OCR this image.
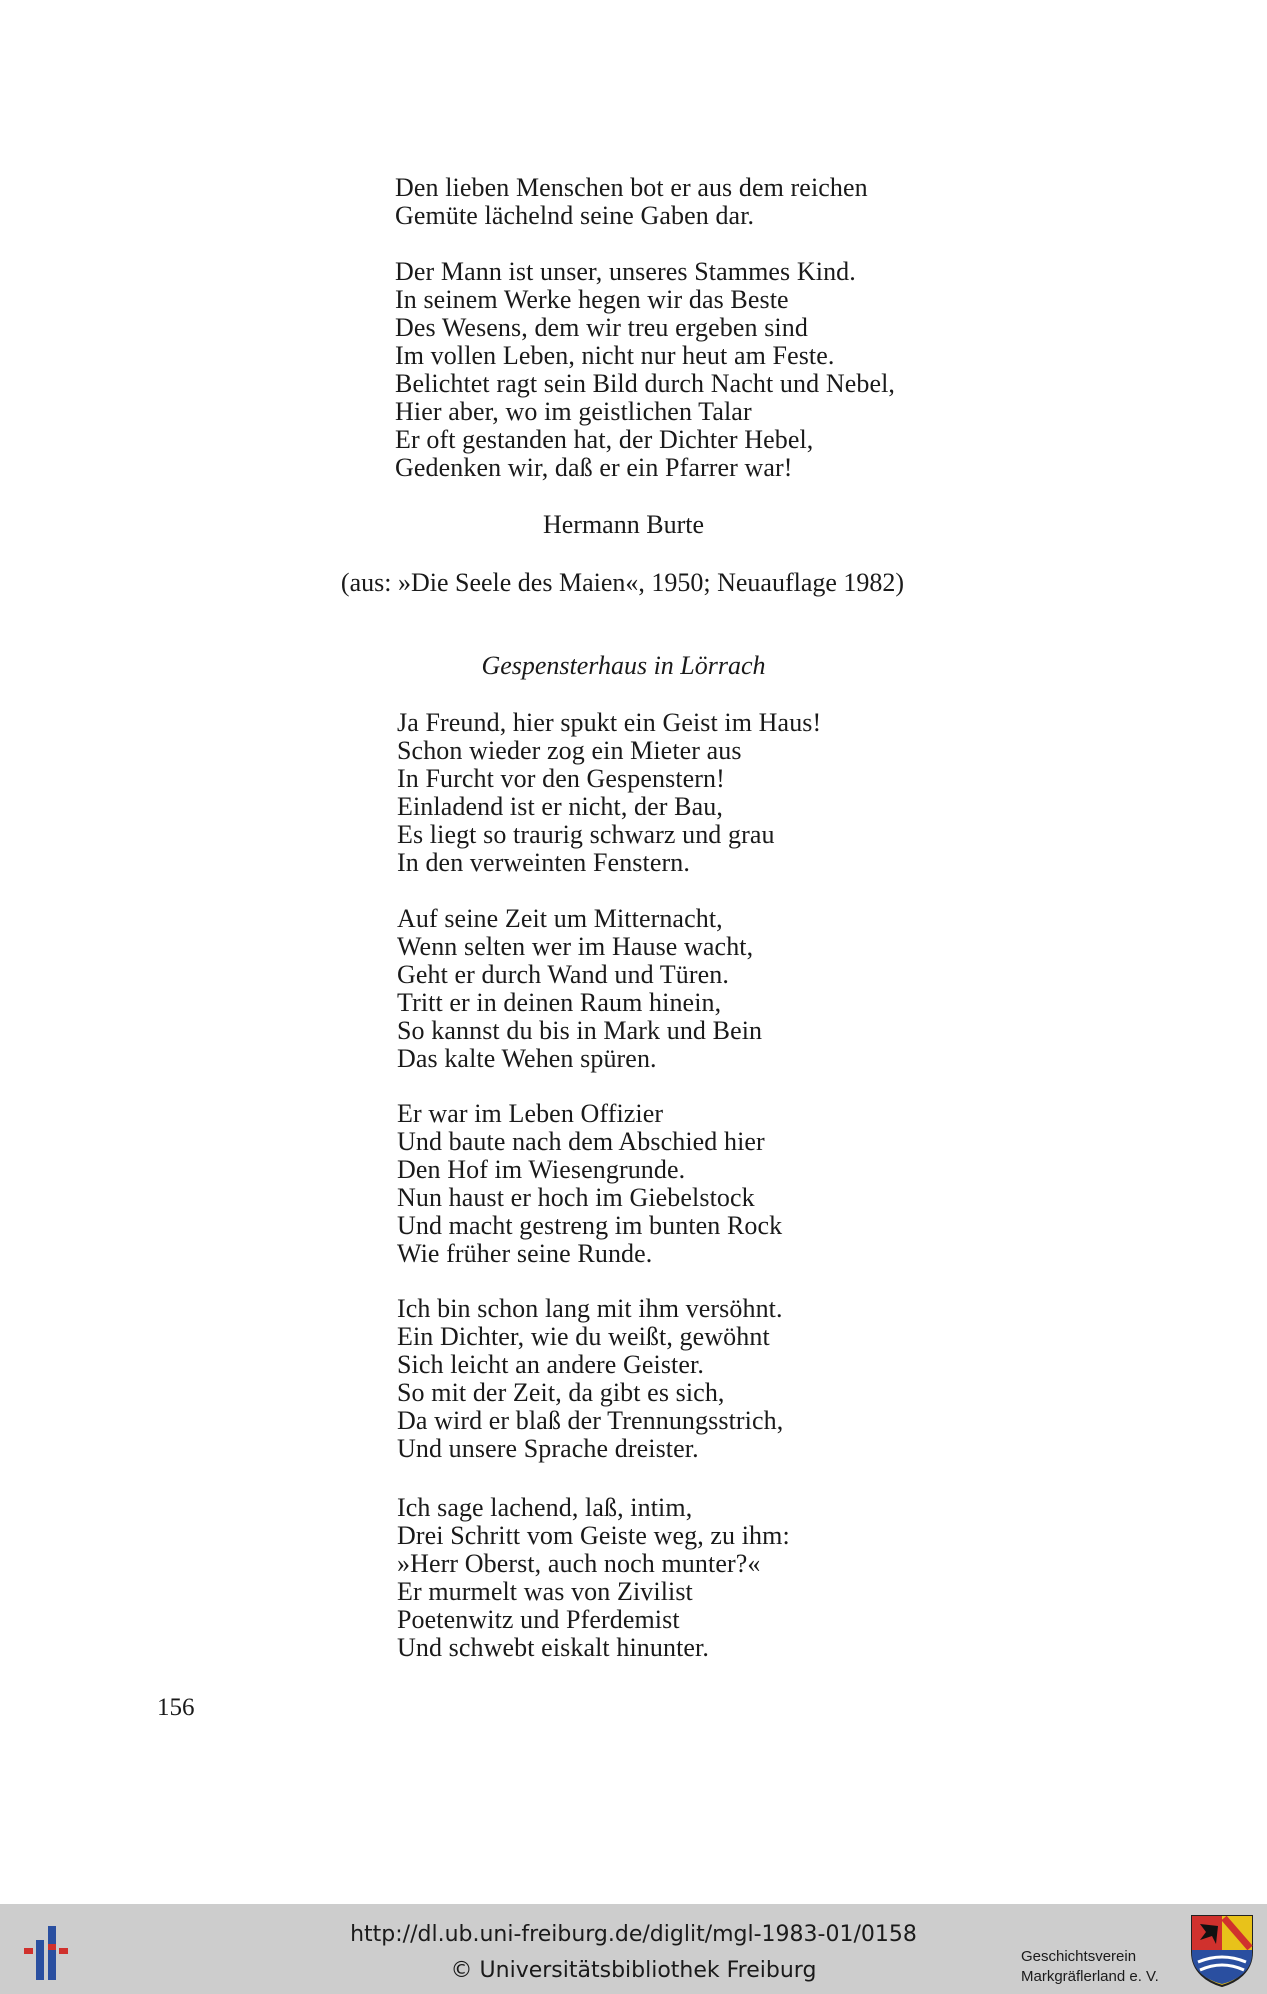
Den lieben Menschen bot er aus dem reichen
Gemüte lächelnd seine Gaben dar.
Der Mann ist unser, unseres Stammes Kind.
In seinem Werke hegen wir das Beste
Des Wesens, dem wir treu ergeben sind
Im vollen Leben, nicht nur heut am Feste.
Belichtet ragt sein Bild durch Nacht und Nebel,
Hier aber, wo im geistlichen Talar
Er oft gestanden hat, der Dichter Hebel,
Gedenken wir, daß er ein Pfarrer war!
Hermann Burte
(aus: »Die Seele des Maien«, 1950; Neuauflage 1982)
Gespensterhaus in Lörrach
Ja Freund, hier spukt ein Geist im Haus!
Schon wieder zog ein Mieter aus
In Furcht vor den Gespenstern!
Einladend ist er nicht, der Bau,
Es liegt so traurig schwarz und grau
In den verweinten Fenstern.
Auf seine Zeit um Mitternacht,
Wenn selten wer im Hause wacht,
Geht er durch Wand und Türen.
Tritt er in deinen Raum hinein,
So kannst du bis in Mark und Bein
Das kalte Wehen spüren.
Er war im Leben Offizier
Und baute nach dem Abschied hier
Den Hof im Wiesengrunde.
Nun haust er hoch im Giebelstock
Und macht gestreng im bunten Rock
Wie früher seine Runde.
Ich bin schon lang mit ihm versöhnt.
Ein Dichter, wie du weißt, gewöhnt
Sich leicht an andere Geister.
So mit der Zeit, da gibt es sich,
Da wird er blaß der Trennungsstrich,
Und unsere Sprache dreister.
Ich sage lachend, laß, intim,
Drei Schritt vom Geiste weg, zu ihm:
»Herr Oberst, auch noch munter?«
Er murmelt was von Zivilist
Poetenwitz und Pferdemist
Und schwebt eiskalt hinunter.
156
http://dl.ub.uni-freiburg.de/diglit/mgl-1983-01/0158
© Universitätsbibliothek Freiburg
Geschichtsverein
Markgräflerland e. V.
